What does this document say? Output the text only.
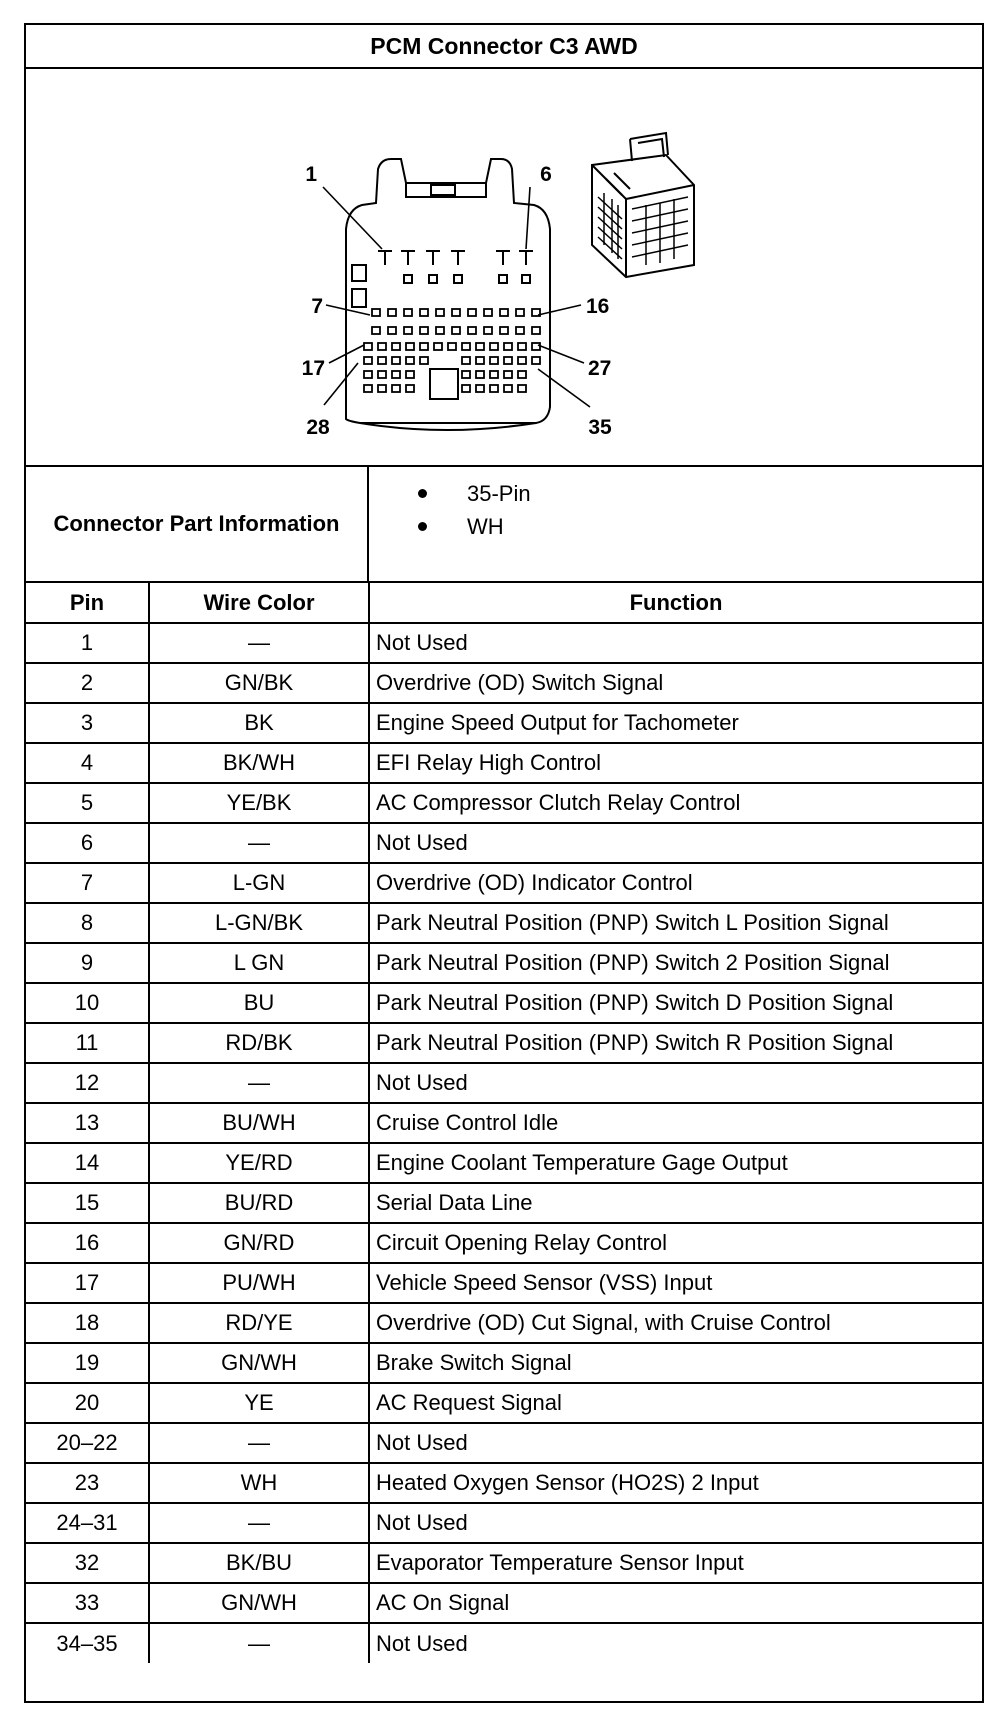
PCM Connector C3 AWD
1	6
7	16
17	27
28	35
Connector Part Information
35-Pin
WH
Pin	Wire Color	Function
1	—	Not Used
2	GN/BK	Overdrive (OD) Switch Signal
3	BK	Engine Speed Output for Tachometer
4	BK/WH	EFI Relay High Control
5	YE/BK	AC Compressor Clutch Relay Control
6	—	Not Used
7	L-GN	Overdrive (OD) Indicator Control
8	L-GN/BK	Park Neutral Position (PNP) Switch L Position Signal
9	L GN	Park Neutral Position (PNP) Switch 2 Position Signal
10	BU	Park Neutral Position (PNP) Switch D Position Signal
11	RD/BK	Park Neutral Position (PNP) Switch R Position Signal
12	—	Not Used
13	BU/WH	Cruise Control Idle
14	YE/RD	Engine Coolant Temperature Gage Output
15	BU/RD	Serial Data Line
16	GN/RD	Circuit Opening Relay Control
17	PU/WH	Vehicle Speed Sensor (VSS) Input
18	RD/YE	Overdrive (OD) Cut Signal, with Cruise Control
19	GN/WH	Brake Switch Signal
20	YE	AC Request Signal
20–22	—	Not Used
23	WH	Heated Oxygen Sensor (HO2S) 2 Input
24–31	—	Not Used
32	BK/BU	Evaporator Temperature Sensor Input
33	GN/WH	AC On Signal
34–35	—	Not Used
